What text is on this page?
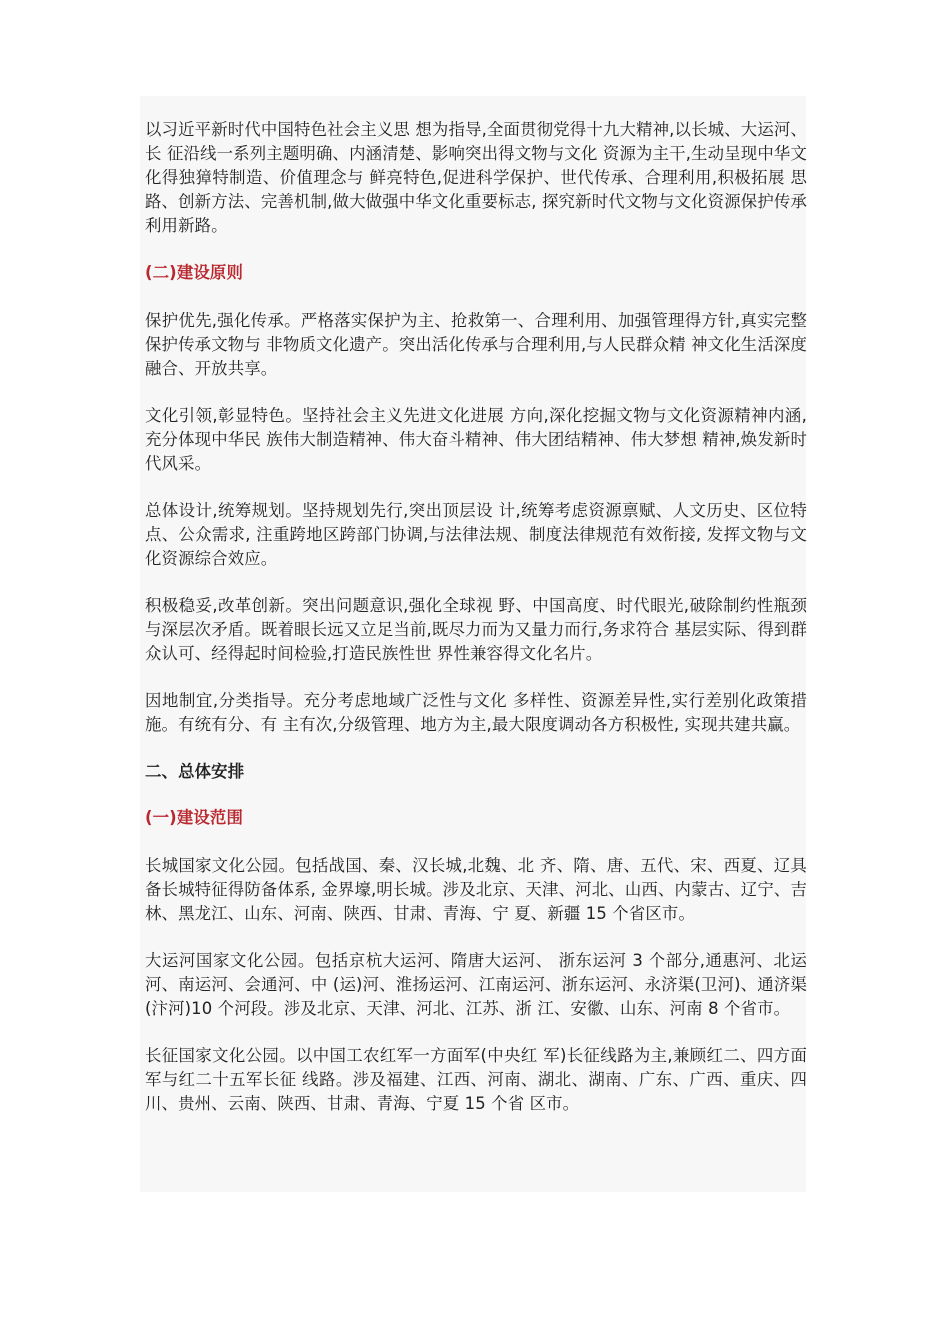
以习近平新时代中国特色社会主义思 想为指导,全面贯彻党得十九大精神,以长城、大运河、长 征沿线一系列主题明确、内涵清楚、影响突出得文物与文化 资源为主干,生动呈现中华文化得独獐特制造、价值理念与 鲜亮特色,促进科学保护、世代传承、合理利用,积极拓展 思路、创新方法、完善机制,做大做强中华文化重要标志, 探究新时代文物与文化资源保护传承利用新路。

(二)建设原则

保护优先,强化传承。严格落实保护为主、抢救第一、合理利用、加强管理得方针,真实完整保护传承文物与 非物质文化遗产。突出活化传承与合理利用,与人民群众精 神文化生活深度融合、开放共享。

文化引领,彰显特色。坚持社会主义先进文化进展 方向,深化挖掘文物与文化资源精神内涵,充分体现中华民 族伟大制造精神、伟大奋斗精神、伟大团结精神、伟大梦想 精神,焕发新时代风采。

总体设计,统筹规划。坚持规划先行,突出顶层设 计,统筹考虑资源禀赋、人文历史、区位特点、公众需求, 注重跨地区跨部门协调,与法律法规、制度法律规范有效衔接, 发挥文物与文化资源综合效应。

积极稳妥,改革创新。突出问题意识,强化全球视 野、中国高度、时代眼光,破除制约性瓶颈与深层次矛盾。既着眼长远又立足当前,既尽力而为又量力而行,务求符合 基层实际、得到群众认可、经得起时间检验,打造民族性世 界性兼容得文化名片。

因地制宜,分类指导。充分考虑地域广泛性与文化 多样性、资源差异性,实行差别化政策措施。有统有分、有 主有次,分级管理、地方为主,最大限度调动各方积极性, 实现共建共赢。

二、总体安排

(一)建设范围

长城国家文化公园。包括战国、秦、汉长城,北魏、北 齐、隋、唐、五代、宋、西夏、辽具备长城特征得防备体系, 金界壕,明长城。涉及北京、天津、河北、山西、内蒙古、辽宁、吉林、黑龙江、山东、河南、陕西、甘肃、青海、宁 夏、新疆 15 个省区市。

大运河国家文化公园。包括京杭大运河、隋唐大运河、 浙东运河 3 个部分,通惠河、北运河、南运河、会通河、中 (运)河、淮扬运河、江南运河、浙东运河、永济渠(卫河)、通济渠(汴河)10 个河段。涉及北京、天津、河北、江苏、浙 江、安徽、山东、河南 8 个省市。

长征国家文化公园。以中国工农红军一方面军(中央红 军)长征线路为主,兼顾红二、四方面军与红二十五军长征 线路。涉及福建、江西、河南、湖北、湖南、广东、广西、重庆、四川、贵州、云南、陕西、甘肃、青海、宁夏 15 个省 区市。
